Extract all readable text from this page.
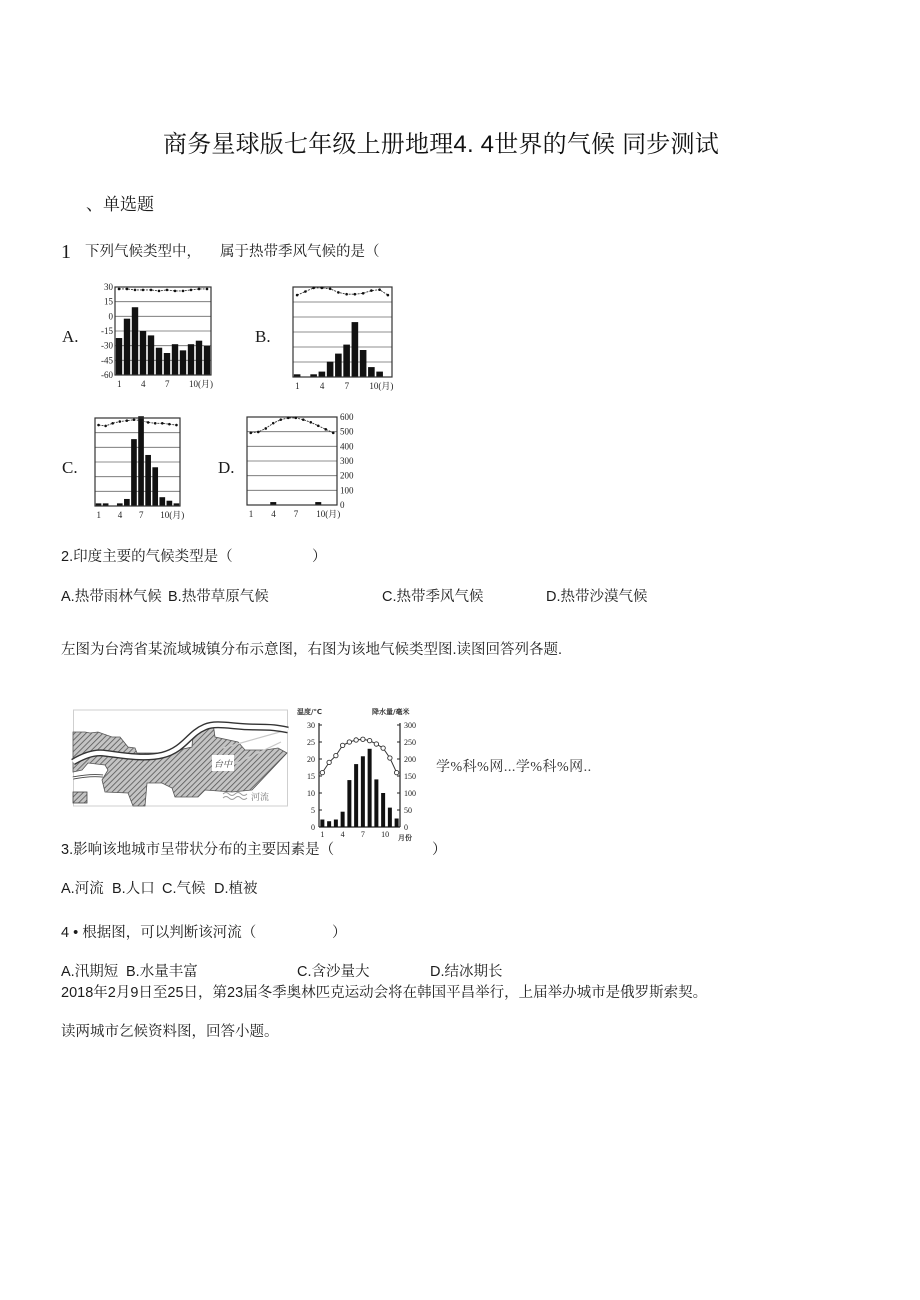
商务星球版七年级上册地理4. 4世界的气候 同步测试
、单选题
1 下列气候类型中， 属于热带季风气候的是（
A.	B.
C.	D.
30
15
0
-15
-30
-45
-60
1 4 7 10(月)	1 4 7 10(月)
1 4 7 10(月)
600
500
400
300
200
100
0
1 4 7 10(月)
2.印度主要的气候类型是（	）
A.热带雨林气候 B.热带草原气候	C.热带季风气候	D.热带沙漠气候
左图为台湾省某流域城镇分布示意图，右图为该地气候类型图.读图回答列各题.
台中
河流
30
25
20
15
10
5
0
300
250
200
150
100
50
0
温度/℃	降水量/毫米
1 4 7 10 月份
学%科%网...学%科%网..
3.影响该地城市呈带状分布的主要因素是（	）
A.河流 B.人口 C.气候 D.植被
4 • 根据图，可以判断该河流（	）
A.汛期短 B.水量丰富	C.含沙量大	D.结冰期长
2018年2月9日至25日，第23届冬季奥林匹克运动会将在韩国平昌举行，上届举办城市是俄罗斯索契。
读两城市乞候资料图，回答小题。
